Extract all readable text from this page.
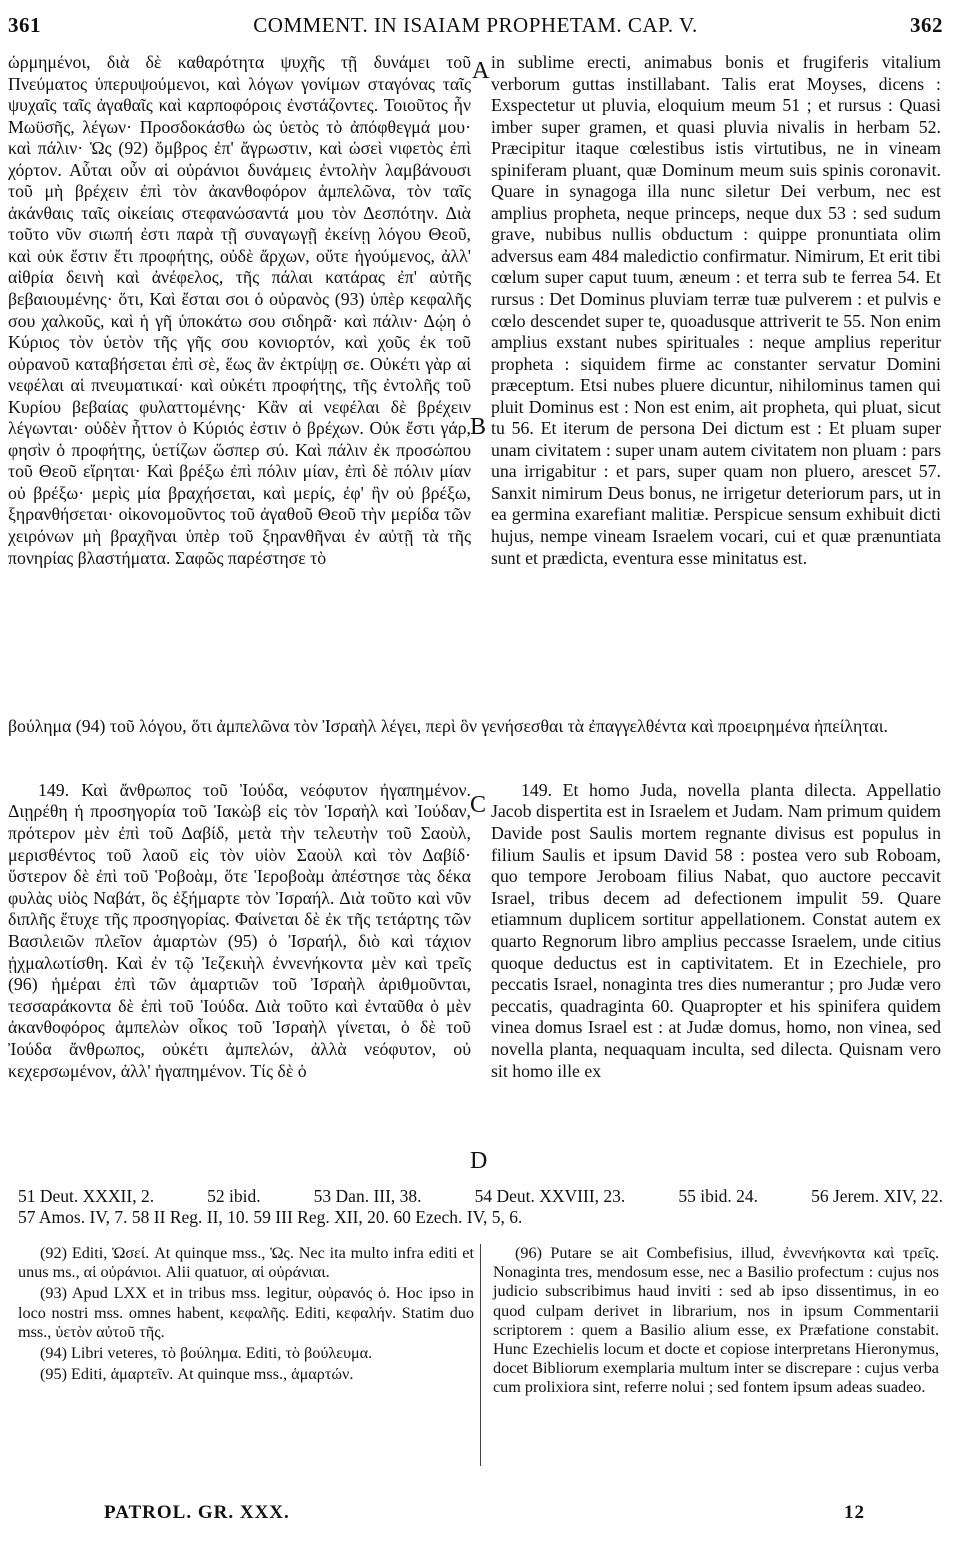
361	COMMENT. IN ISAIAM PROPHETAM. CAP. V.	362

ὡρμημένοι, διὰ δὲ καθαρότητα ψυχῆς τῇ δυνάμει τοῦ Πνεύματος ὑπερυψούμενοι, καὶ λόγων γονίμων σταγόνας ταῖς ψυχαῖς ταῖς ἀγαθαῖς καὶ καρποφόροις ἐνστάζοντες. Τοιοῦτος ἦν Μωϋσῆς, λέγων· Προσδοκάσθω ὡς ὑετὸς τὸ ἀπόφθεγμά μου· καὶ πάλιν· Ὡς (92) ὄμβρος ἐπ' ἄγρωστιν, καὶ ὡσεὶ νιφετὸς ἐπὶ χόρτον. Αὗται οὖν αἱ οὐράνιοι δυνάμεις ἐντολὴν λαμβάνουσι τοῦ μὴ βρέχειν ἐπὶ τὸν ἀκανθοφόρον ἀμπελῶνα, τὸν ταῖς ἀκάνθαις ταῖς οἰκείαις στεφανώσαντά μου τὸν Δεσπότην. Διὰ τοῦτο νῦν σιωπή ἐστι παρὰ τῇ συναγωγῇ ἐκείνῃ λόγου Θεοῦ, καὶ οὐκ ἔστιν ἔτι προφήτης, οὐδὲ ἄρχων, οὔτε ἡγούμενος, ἀλλ' αἰθρία δεινὴ καὶ ἀνέφελος, τῆς πάλαι κατάρας ἐπ' αὐτῆς βεβαιουμένης· ὅτι, Καὶ ἔσται σοι ὁ οὐρανὸς (93) ὑπὲρ κεφαλῆς σου χαλκοῦς, καὶ ἡ γῆ ὑποκάτω σου σιδηρᾶ· καὶ πάλιν· Δῴη ὁ Κύριος τὸν ὑετὸν τῆς γῆς σου κονιορτόν, καὶ χοῦς ἐκ τοῦ οὐρανοῦ καταβήσεται ἐπὶ σὲ, ἕως ἂν ἐκτρίψῃ σε. Οὐκέτι γὰρ αἱ νεφέλαι αἱ πνευματικαί· καὶ οὐκέτι προφήτης, τῆς ἐντολῆς τοῦ Κυρίου βεβαίας φυλαττομένης· Κἂν αἱ νεφέλαι δὲ βρέχειν λέγωνται· οὐδὲν ἧττον ὁ Κύριός ἐστιν ὁ βρέχων. Οὐκ ἔστι γάρ, φησὶν ὁ προφήτης, ὑετίζων ὥσπερ σύ. Καὶ πάλιν ἐκ προσώπου τοῦ Θεοῦ εἴρηται· Καὶ βρέξω ἐπὶ πόλιν μίαν, ἐπὶ δὲ πόλιν μίαν οὐ βρέξω· μερὶς μία βραχήσεται, καὶ μερίς, ἐφ' ἣν οὐ βρέξω, ξηρανθήσεται· οἰκονομοῦντος τοῦ ἀγαθοῦ Θεοῦ τὴν μερίδα τῶν χειρόνων μὴ βραχῆναι ὑπὲρ τοῦ ξηρανθῆναι ἐν αὐτῇ τὰ τῆς πονηρίας βλαστήματα. Σαφῶς παρέστησε τὸ

A in sublime erecti, animabus bonis et frugiferis vitalium verborum guttas instillabant. Talis erat Moyses, dicens : Exspectetur ut pluvia, eloquium meum 51 ; et rursus : Quasi imber super gramen, et quasi pluvia nivalis in herbam 52. Præcipitur itaque cœlestibus istis virtutibus, ne in vineam spiniferam pluant, quæ Dominum meum suis spinis coronavit. Quare in synagoga illa nunc siletur Dei verbum, nec est amplius propheta, neque princeps, neque dux 53 : sed sudum grave, nubibus nullis obductum : quippe pronuntiata olim adversus eam 484 maledictio confirmatur. Nimirum, Et erit tibi cœlum super caput tuum, æneum : et terra sub te ferrea 54. Et rursus : Det Dominus pluviam terræ tuæ pulverem : et pulvis e cœlo descendet super te, quoadusque attriverit te 55. Non enim amplius exstant nubes spirituales : neque amplius reperitur propheta : siquidem firme ac constanter servatur Domini præceptum. Etsi nubes pluere dicuntur, nihilominus tamen qui pluit Dominus est : Non est enim, ait propheta, qui pluat, sicut tu 56. Et iterum de persona Dei dictum est : Et pluam super unam civitatem : super unam autem civitatem non pluam : pars una irrigabitur : et pars, super quam non pluero, arescet 57. Sanxit nimirum Deus bonus, ne irrigetur deteriorum pars, ut in ea germina exarefiant malitiæ. Perspicue sensum exhibuit dicti hujus, nempe vineam Israelem vocari, cui et quæ prænuntiata sunt et prædicta, eventura esse minitatus est.

B
βούλημα (94) τοῦ λόγου, ὅτι ἀμπελῶνα τὸν Ἰσραὴλ λέγει, περὶ ὃν γενήσεσθαι τὰ ἐπαγγελθέντα καὶ προειρημένα ἠπείληται.

149. Καὶ ἄνθρωπος τοῦ Ἰούδα, νεόφυτον ἠγαπημένον. Διῃρέθη ἡ προσηγορία τοῦ Ἰακὼβ εἰς τὸν Ἰσραὴλ καὶ Ἰούδαν, πρότερον μὲν ἐπὶ τοῦ Δαβίδ, μετὰ τὴν τελευτὴν τοῦ Σαοὺλ, μερισθέντος τοῦ λαοῦ εἰς τὸν υἱὸν Σαοὺλ καὶ τὸν Δαβίδ· ὕστερον δὲ ἐπὶ τοῦ Ῥοβοὰμ, ὅτε Ἱεροβοὰμ ἀπέστησε τὰς δέκα φυλὰς υἱὸς Ναβάτ, ὃς ἐξήμαρτε τὸν Ἰσραήλ. Διὰ τοῦτο καὶ νῦν διπλῆς ἔτυχε τῆς προσηγορίας. Φαίνεται δὲ ἐκ τῆς τετάρτης τῶν Βασιλειῶν πλεῖον ἁμαρτὼν (95) ὁ Ἰσραήλ, διὸ καὶ τάχιον ᾐχμαλωτίσθη. Καὶ ἐν τῷ Ἰεζεκιὴλ ἐννενήκοντα μὲν καὶ τρεῖς (96) ἡμέραι ἐπὶ τῶν ἁμαρτιῶν τοῦ Ἰσραὴλ ἀριθμοῦνται, τεσσαράκοντα δὲ ἐπὶ τοῦ Ἰούδα. Διὰ τοῦτο καὶ ἐνταῦθα ὁ μὲν ἀκανθοφόρος ἀμπελὼν οἶκος τοῦ Ἰσραὴλ γίνεται, ὁ δὲ τοῦ Ἰούδα ἄνθρωπος, οὐκέτι ἀμπελών, ἀλλὰ νεόφυτον, οὐ κεχερσωμένον, ἀλλ' ἠγαπημένον. Τίς δὲ ὁ

C

149. Et homo Juda, novella planta dilecta. Appellatio Jacob dispertita est in Israelem et Judam. Nam primum quidem Davide post Saulis mortem regnante divisus est populus in filium Saulis et ipsum David 58 : postea vero sub Roboam, quo tempore Jeroboam filius Nabat, quo auctore peccavit Israel, tribus decem ad defectionem impulit 59. Quare etiamnum duplicem sortitur appellationem. Constat autem ex quarto Regnorum libro amplius peccasse Israelem, unde citius quoque deductus est in captivitatem. Et in Ezechiele, pro peccatis Israel, nonaginta tres dies numerantur ; pro Judæ vero peccatis, quadraginta 60. Quapropter et his spinifera quidem vinea domus Israel est : at Judæ domus, homo, non vinea, sed novella planta, nequaquam inculta, sed dilecta. Quisnam vero sit homo ille ex

D
51 Deut. XXXII, 2.	52 ibid.	53 Dan. III, 38.	54 Deut. XXVIII, 23.	55 ibid. 24.	56 Jerem. XIV, 22.
57 Amos. IV, 7. 58 II Reg. II, 10. 59 III Reg. XII, 20. 60 Ezech. IV, 5, 6.

(92) Editi, Ὡσεί. At quinque mss., Ὡς. Nec ita multo infra editi et unus ms., αἱ οὐράνιοι. Alii quatuor, αἱ οὐράνιαι.

(93) Apud LXX et in tribus mss. legitur, οὐρανός ὁ. Hoc ipso in loco nostri mss. omnes habent, κεφαλῆς. Editi, κεφαλήν. Statim duo mss., ὑετὸν αὐτοῦ τῆς.

(94) Libri veteres, τὸ βούλημα. Editi, τὸ βούλευμα.

(95) Editi, ἁμαρτεῖν. At quinque mss., ἁμαρτών.

(96) Putare se ait Combefisius, illud, ἐννενήκοντα καὶ τρεῖς. Nonaginta tres, mendosum esse, nec a Basilio profectum : cujus nos judicio subscribimus haud inviti : sed ab ipso dissentimus, in eo quod culpam derivet in librarium, nos in ipsum Commentarii scriptorem : quem a Basilio alium esse, ex Præfatione constabit. Hunc Ezechielis locum et docte et copiose interpretans Hieronymus, docet Bibliorum exemplaria multum inter se discrepare : cujus verba cum prolixiora sint, referre nolui ; sed fontem ipsum adeas suadeo.

PATROL. GR. XXX.	12
